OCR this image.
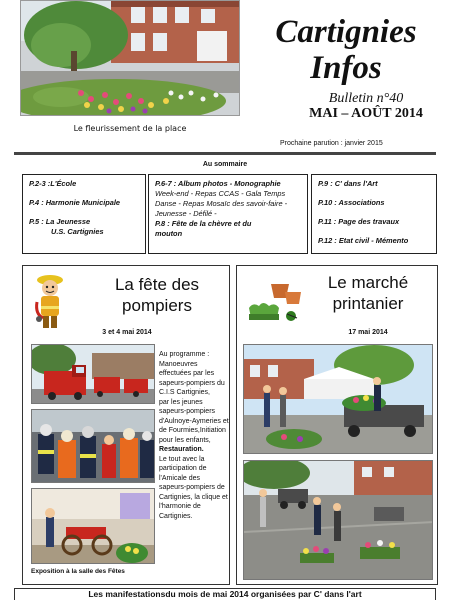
Le fleurissement de la place
Cartignies
Infos
Bulletin n°40
MAI – AOÛT 2014
Prochaine parution : janvier 2015
Au sommaire
P.2-3 :L'École
P.4 : Harmonie Municipale
P.5 : La Jeunesse
U.S. Cartignies
P.6-7 : Album photos - Monographie
Week-end - Repas CCAS - Gala Temps
Danse - Repas Mosaïc des savoir-faire -
Jeunesse - Défilé -
P.8 : Fête de la chèvre et du
mouton
P.9 : C' dans l'Art
P.10 : Associations
P.11 : Page des travaux
P.12 : Etat civil - Mémento
La fête des
pompiers
3 et 4 mai 2014

Au programme :

Manoeuvres effectuées par les sapeurs-pompiers du

C.I.S Cartignies,

par les jeunes sapeurs-pompiers d'Aulnoye-Aymeries et de Fourmies,Initiation pour les enfants,

Restauration.

Le tout avec la participation de l'Amicale des sapeurs-pompiers de Cartignies, la clique et l'harmonie de Cartignies.

Exposition à la salle des Fêtes
Le marché
printanier
17 mai 2014
Les manifestationsdu mois de mai 2014 organisées par C' dans l'art
